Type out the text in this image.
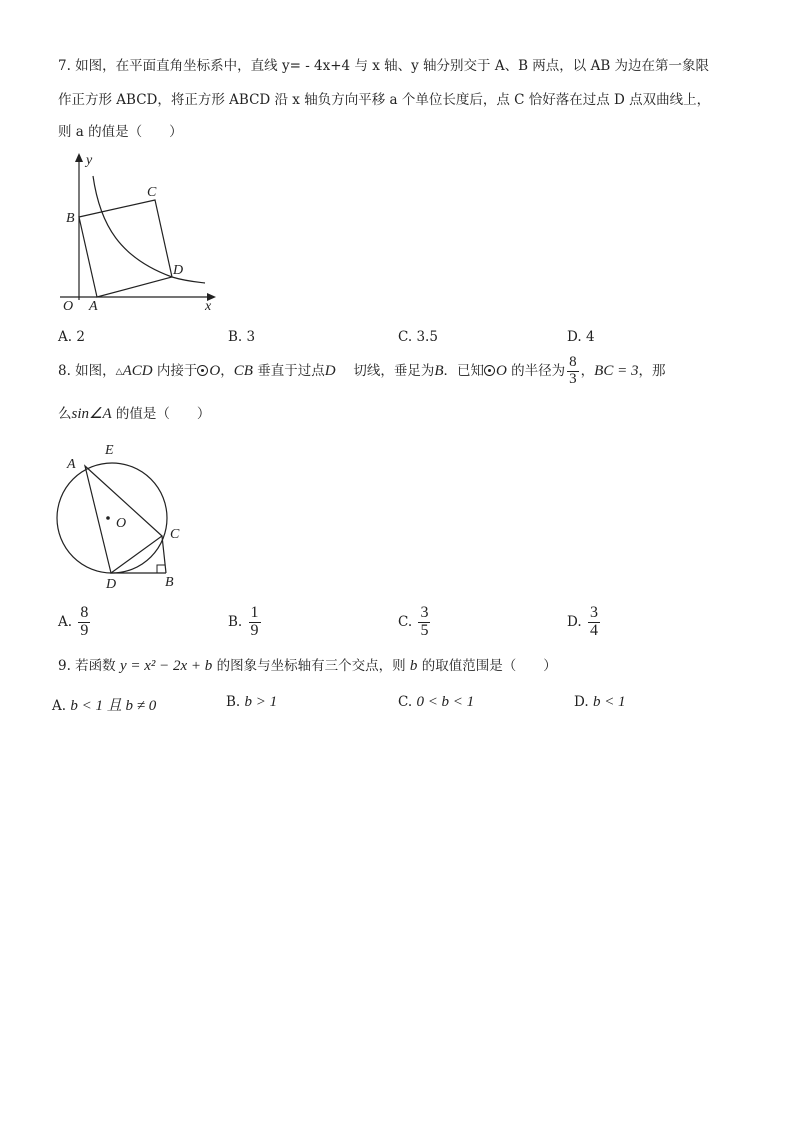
7. 如图，在平面直角坐标系中，直线 y= - 4x+4 与 x 轴、y 轴分别交于 A、B 两点，以 AB 为边在第一象限
作正方形 ABCD，将正方形 ABCD 沿 x 轴负方向平移 a 个单位长度后，点 C 恰好落在过点 D 点双曲线上，
则 a 的值是（　　）
y
x
O A
B
C
D
A. 2	B. 3	C. 3.5	D. 4
8. 如图，△ACD 内接于 O，CB 垂直于过点D 　切线，垂足为B．已知 O 的半径为 $\frac{8}{3}$ ，BC = 3，那
么sin∠A 的值是（　　）
A
E
O
C
D	B
A. $\frac{8}{9}$	B. $\frac{1}{9}$	C. $\frac{3}{5}$	D. $\frac{3}{4}$
9. 若函数 y = x² − 2x + b 的图象与坐标轴有三个交点，则 b 的取值范围是（　　）
A. b < 1 且 b ≠ 0	B. b > 1	C. 0 < b < 1	D. b < 1
